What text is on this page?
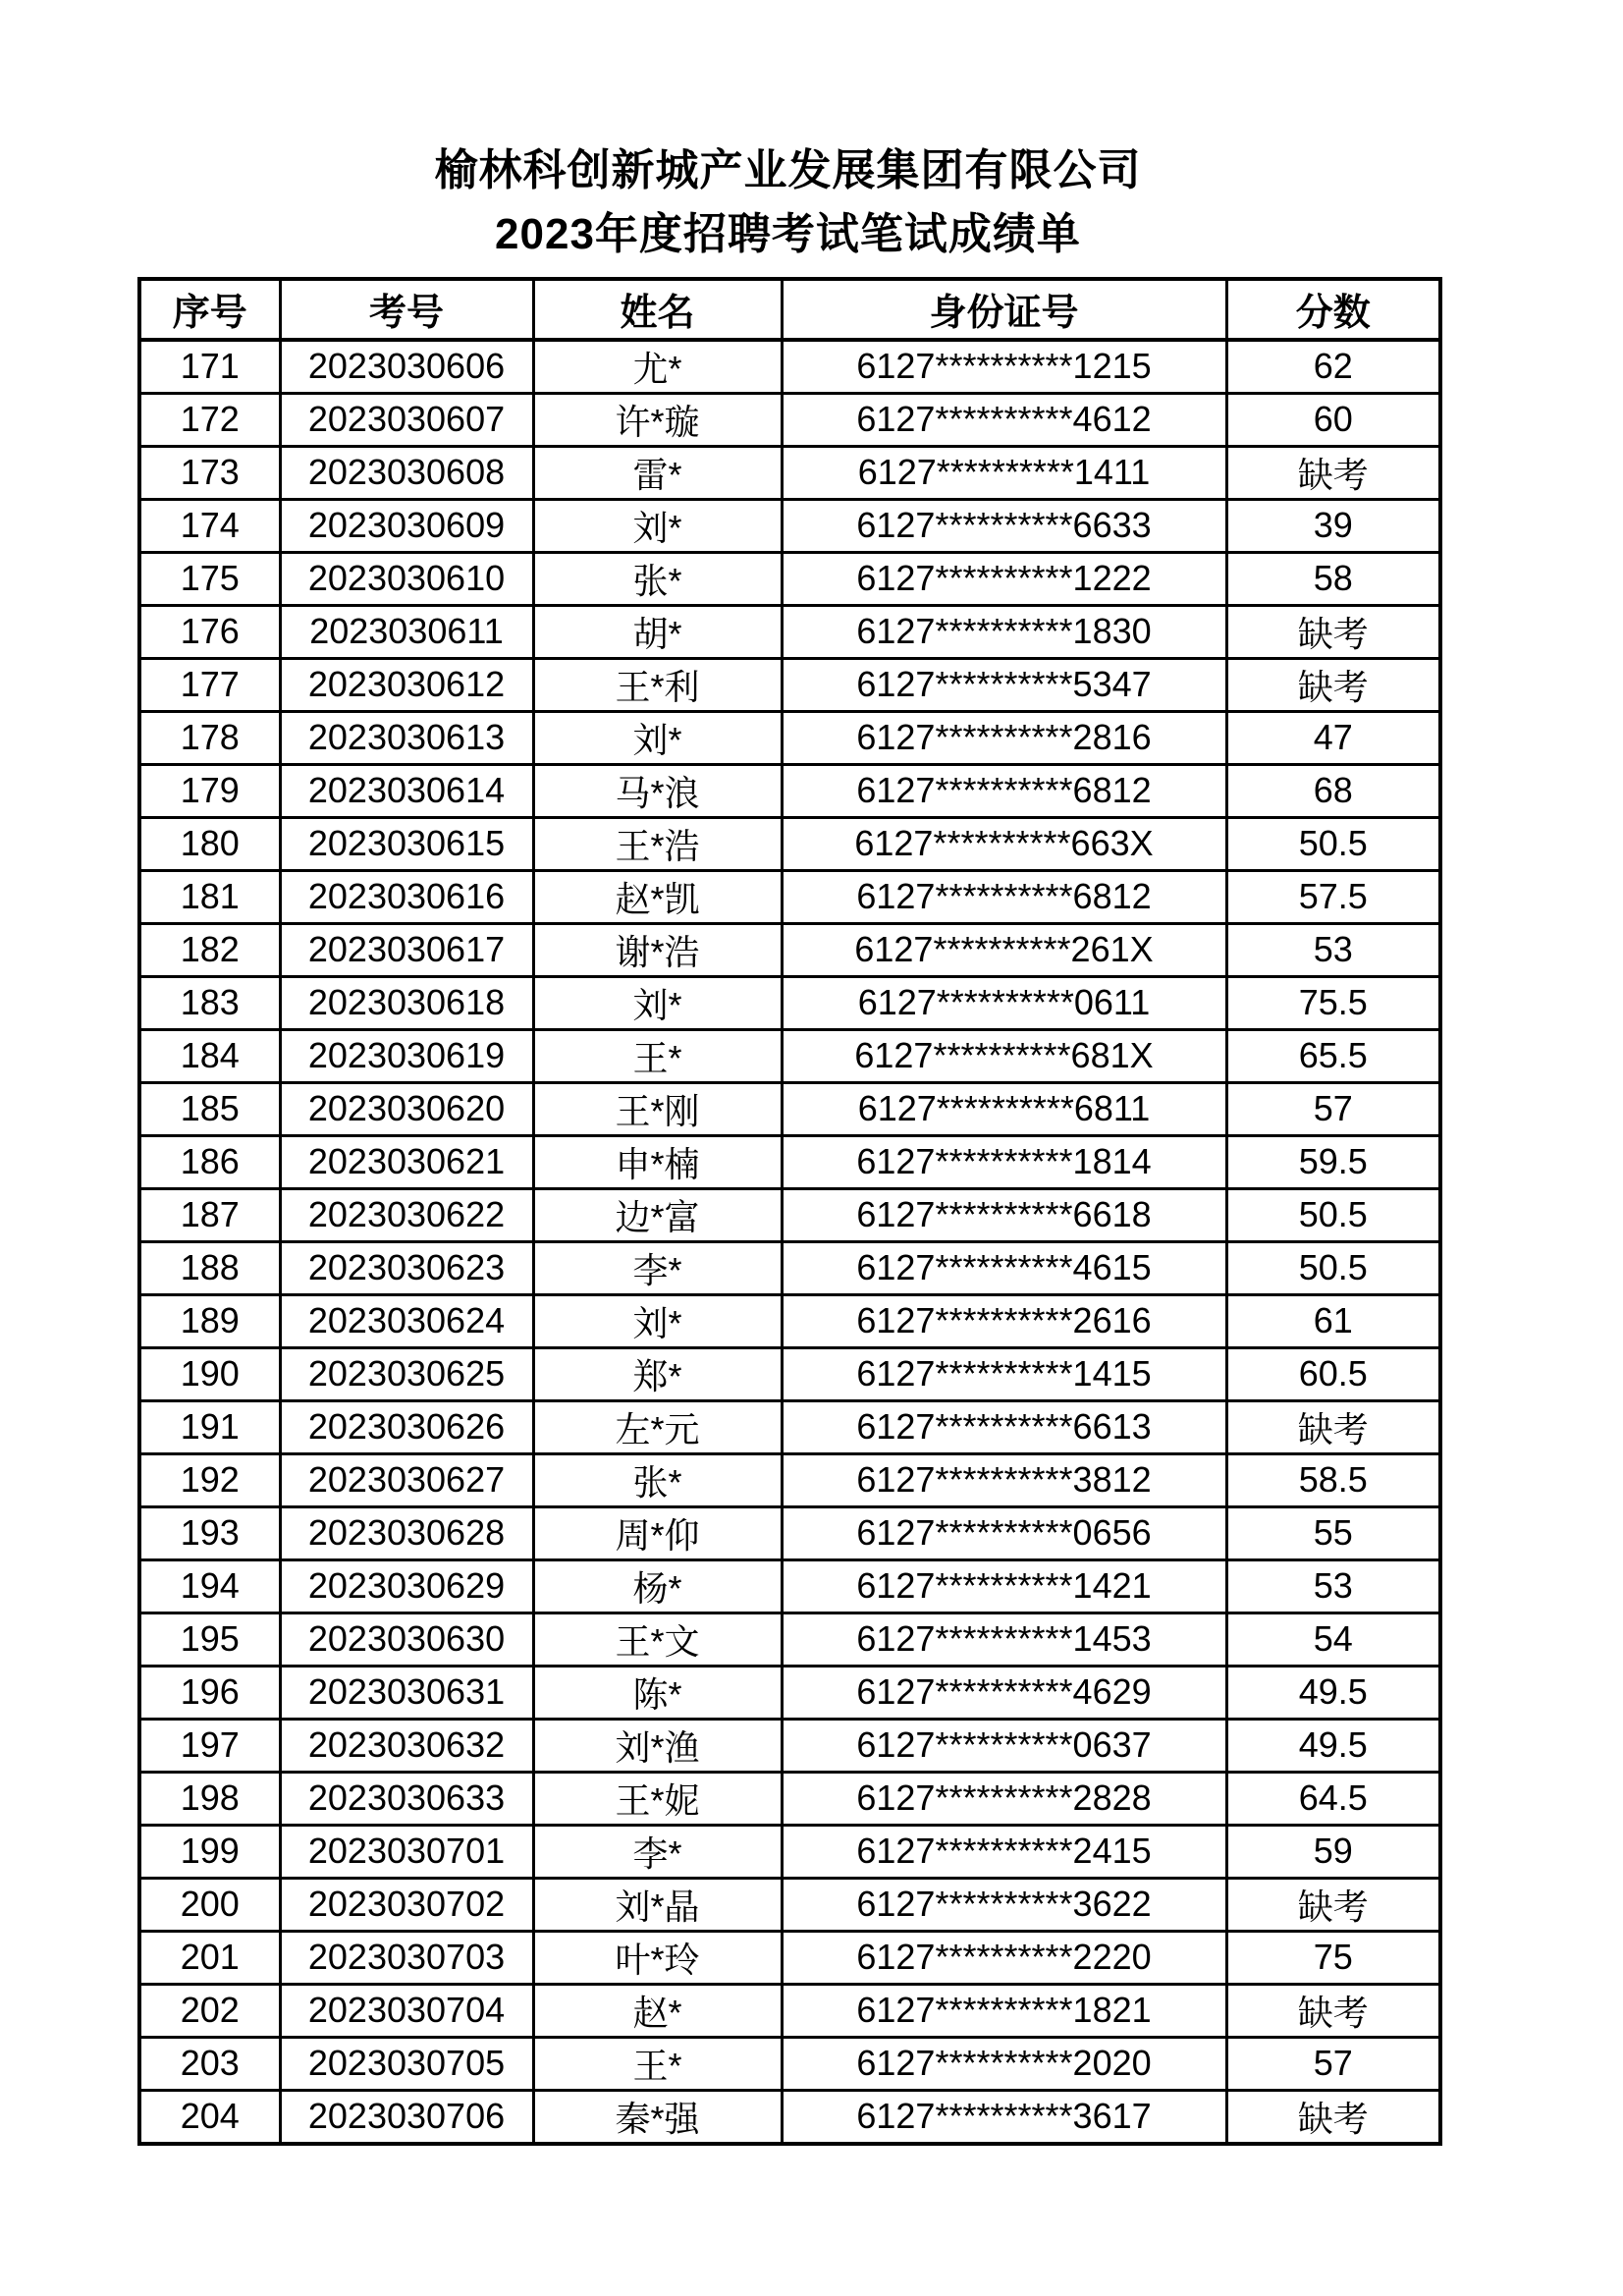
榆林科创新城产业发展集团有限公司
2023年度招聘考试笔试成绩单
序号	考号	姓名	身份证号	分数
171	2023030606	尤*	6127**********1215	62
172	2023030607	许*璇	6127**********4612	60
173	2023030608	雷*	6127**********1411	缺考
174	2023030609	刘*	6127**********6633	39
175	2023030610	张*	6127**********1222	58
176	2023030611	胡*	6127**********1830	缺考
177	2023030612	王*利	6127**********5347	缺考
178	2023030613	刘*	6127**********2816	47
179	2023030614	马*浪	6127**********6812	68
180	2023030615	王*浩	6127**********663X	50.5
181	2023030616	赵*凯	6127**********6812	57.5
182	2023030617	谢*浩	6127**********261X	53
183	2023030618	刘*	6127**********0611	75.5
184	2023030619	王*	6127**********681X	65.5
185	2023030620	王*刚	6127**********6811	57
186	2023030621	申*楠	6127**********1814	59.5
187	2023030622	边*富	6127**********6618	50.5
188	2023030623	李*	6127**********4615	50.5
189	2023030624	刘*	6127**********2616	61
190	2023030625	郑*	6127**********1415	60.5
191	2023030626	左*元	6127**********6613	缺考
192	2023030627	张*	6127**********3812	58.5
193	2023030628	周*仰	6127**********0656	55
194	2023030629	杨*	6127**********1421	53
195	2023030630	王*文	6127**********1453	54
196	2023030631	陈*	6127**********4629	49.5
197	2023030632	刘*渔	6127**********0637	49.5
198	2023030633	王*妮	6127**********2828	64.5
199	2023030701	李*	6127**********2415	59
200	2023030702	刘*晶	6127**********3622	缺考
201	2023030703	叶*玲	6127**********2220	75
202	2023030704	赵*	6127**********1821	缺考
203	2023030705	王*	6127**********2020	57
204	2023030706	秦*强	6127**********3617	缺考
